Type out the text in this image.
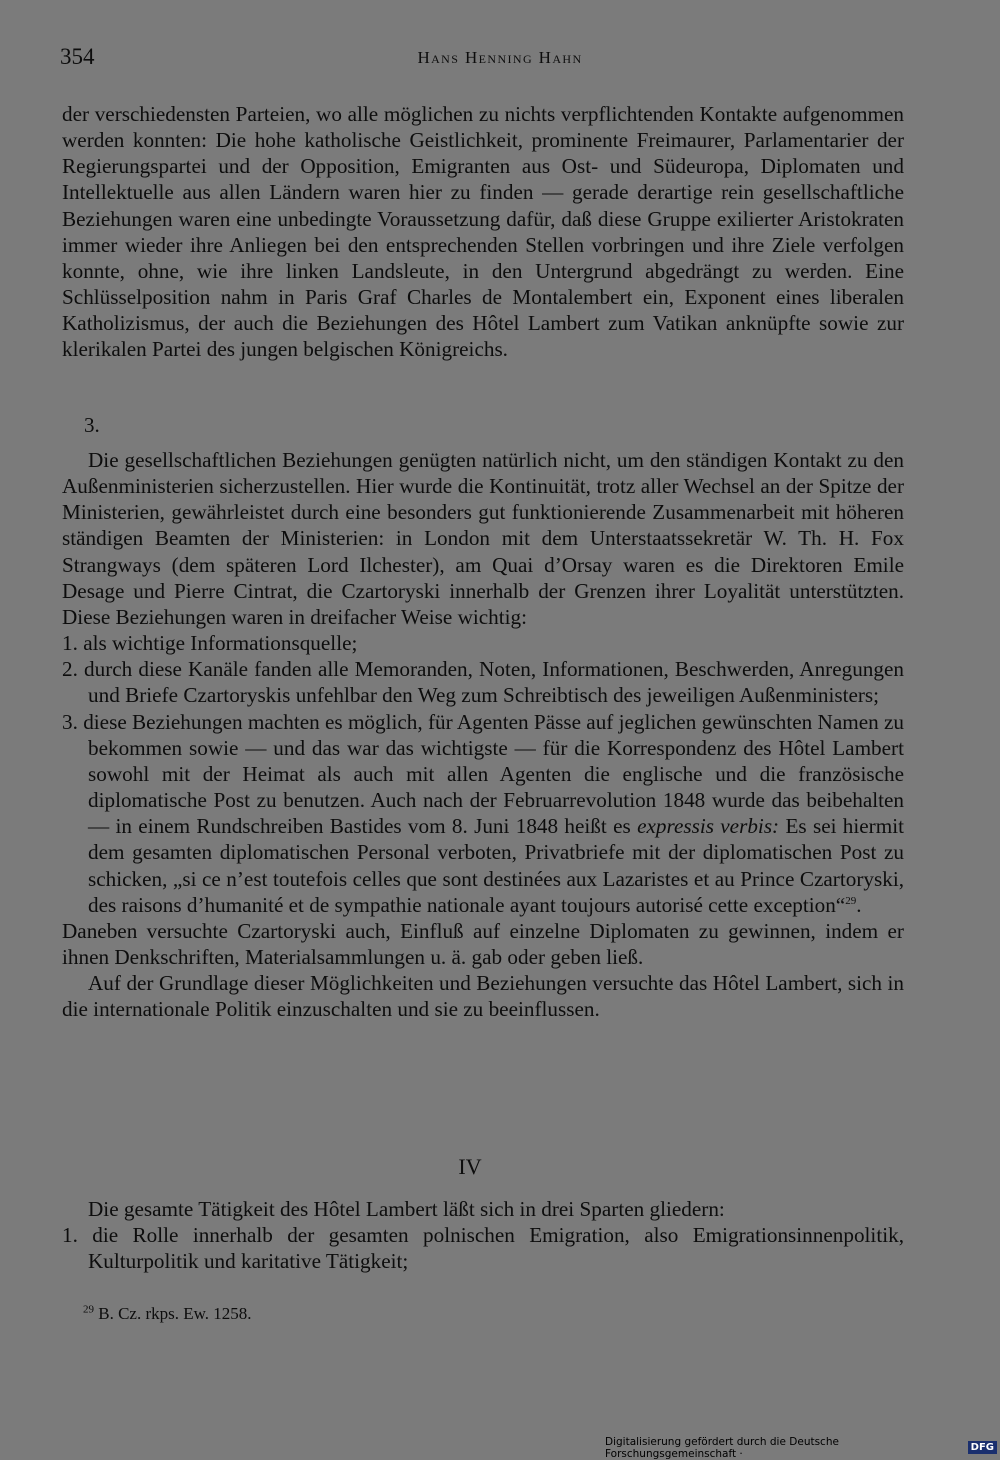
354	Hans Henning Hahn

der verschiedensten Parteien, wo alle möglichen zu nichts verpflichtenden Kontakte aufgenommen werden konnten: Die hohe katholische Geistlichkeit, prominente Freimaurer, Parlamentarier der Regierungspartei und der Opposition, Emigranten aus Ost- und Südeuropa, Diplomaten und Intellektuelle aus allen Ländern waren hier zu finden — gerade derartige rein gesellschaftliche Beziehungen waren eine unbedingte Voraussetzung dafür, daß diese Gruppe exilierter Aristokraten immer wieder ihre Anliegen bei den entsprechenden Stellen vorbringen und ihre Ziele verfolgen konnte, ohne, wie ihre linken Landsleute, in den Untergrund abgedrängt zu werden. Eine Schlüsselposition nahm in Paris Graf Charles de Montalembert ein, Exponent eines liberalen Katholizismus, der auch die Beziehungen des Hôtel Lambert zum Vatikan anknüpfte sowie zur klerikalen Partei des jungen belgischen Königreichs.

3.

Die gesellschaftlichen Beziehungen genügten natürlich nicht, um den ständigen Kontakt zu den Außenministerien sicherzustellen. Hier wurde die Kontinuität, trotz aller Wechsel an der Spitze der Ministerien, gewährleistet durch eine besonders gut funktionierende Zusammenarbeit mit höheren ständigen Beamten der Ministerien: in London mit dem Unterstaatssekretär W. Th. H. Fox Strangways (dem späteren Lord Ilchester), am Quai d’Orsay waren es die Direktoren Emile Desage und Pierre Cintrat, die Czartoryski innerhalb der Grenzen ihrer Loyalität unterstützten. Diese Beziehungen waren in dreifacher Weise wichtig:

1. als wichtige Informationsquelle;

2. durch diese Kanäle fanden alle Memoranden, Noten, Informationen, Beschwerden, Anregungen und Briefe Czartoryskis unfehlbar den Weg zum Schreibtisch des jeweiligen Außenministers;

3. diese Beziehungen machten es möglich, für Agenten Pässe auf jeglichen gewünschten Namen zu bekommen sowie — und das war das wichtigste — für die Korrespondenz des Hôtel Lambert sowohl mit der Heimat als auch mit allen Agenten die englische und die französische diplomatische Post zu benutzen. Auch nach der Februarrevolution 1848 wurde das beibehalten — in einem Rundschreiben Bastides vom 8. Juni 1848 heißt es expressis verbis: Es sei hiermit dem gesamten diplomatischen Personal verboten, Privatbriefe mit der diplomatischen Post zu schicken, „si ce n’est toutefois celles que sont destinées aux Lazaristes et au Prince Czartoryski, des raisons d’humanité et de sympathie nationale ayant toujours autorisé cette exception“$^{29}$.

Daneben versuchte Czartoryski auch, Einfluß auf einzelne Diplomaten zu gewinnen, indem er ihnen Denkschriften, Materialsammlungen u. ä. gab oder geben ließ.

Auf der Grundlage dieser Möglichkeiten und Beziehungen versuchte das Hôtel Lambert, sich in die internationale Politik einzuschalten und sie zu beeinflussen.

IV

Die gesamte Tätigkeit des Hôtel Lambert läßt sich in drei Sparten gliedern:

1. die Rolle innerhalb der gesamten polnischen Emigration, also Emigrationsinnenpolitik, Kulturpolitik und karitative Tätigkeit;

$^{29}$ B. Cz. rkps. Ew. 1258.
Digitalisierung gefördert durch die Deutsche Forschungsgemeinschaft ·	DFG
